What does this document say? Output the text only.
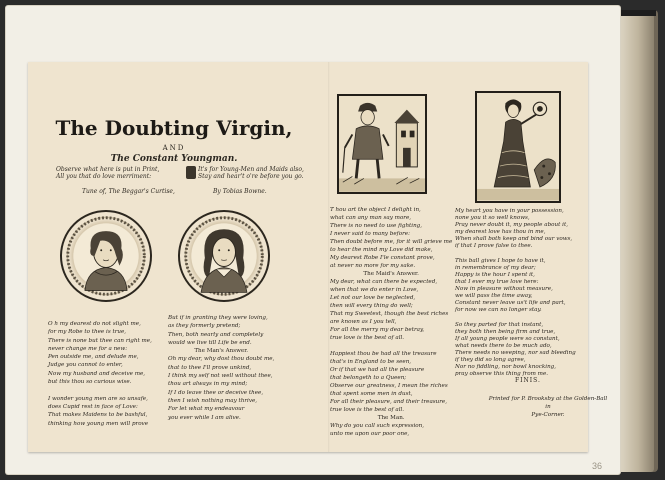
36
The Doubting Virgin,
AND
The Constant Youngman.
Observe what here is put in Print,
All you that do love merriment:
It's for Young-Men and Maids also,
Stay and hear't o're before you go.
Tune of, The Beggar's Curtise,	By Tobias Bowne.

O h my dearest do not slight me,

for my Robe to thee is true,

There is none but thee can right me,

never change me for a new:

Pen outside me, and delude me,

Judge you cannot to enter,

Now my husband and deceive me,

but this thou so curious wise.

I wonder young men are so unsafe,

does Cupid rest in face of Love:

That makes Maidens to be bashful,

thinking how young men will prove

But if in granting they were loving,

as they formerly pretend;

Then, both nearly and completely

would we live till Life be end.

The Man's Answer.

Oh my dear, why dost thou doubt me,

that to thee I'll prove unkind,

I think my self not well without thee,

thou art always in my mind;

If I do leave thee or deceive thee,

then I wish nothing may thrive,

For let what my endeavour

you ever while I am alive.

T hou art the object I delight in,

what can any man say more,

There is no need to use fighting,

I never said to many before:

Then doubt before me, for it will grieve me

to hear the mind my Love did make,

My dearest Robe I'le constant prove,

at never no more for my sake.

The Maid's Answer.

My dear, what can there be expected,

when that we do enter in Love,

Let not our love be neglected,

then will every thing do well;

That my Sweetest, though the best riches

are known as I you tell,

For all the merry my dear betray,

true love is the best of all.

Happiest thou be had all the treasure

that's in England to be seen,

Or if that we had all the pleasure

that belongeth to a Queen;

Observe our greatness, I mean the riches

that spent some men in dust,

For all their pleasure, and their treasure,

true love is the best of all.

The Man.

Why do you call such expression,

unto me upon our poor one,

My heart you have in your possession,

none you it so well knows,

Pray never doubt it, my people about it,

my dearest love has thou in me,

When shall both keep and bind our vows,

if that I prove false to thee.

This ball gives I hope to have it,

in remembrance of my dear;

Happy is the hour I spent it,

that I ever my true love here:

Now in pleasure without measure,

we will pass the time away,

Constant never leave us't life and part,

for now we can no longer stay.

So they parted for that instant,

they both then being firm and true,

If all young people were so constant,

what needs there to be much ado,

There needs no weeping, nor sad bleeding

if they did so long agree,

Nor no fiddling, nor bowl knocking,

pray observe this thing from me.

FINIS.
Printed for P. Brooksby at the Golden-Ball in
Pye-Corner.
